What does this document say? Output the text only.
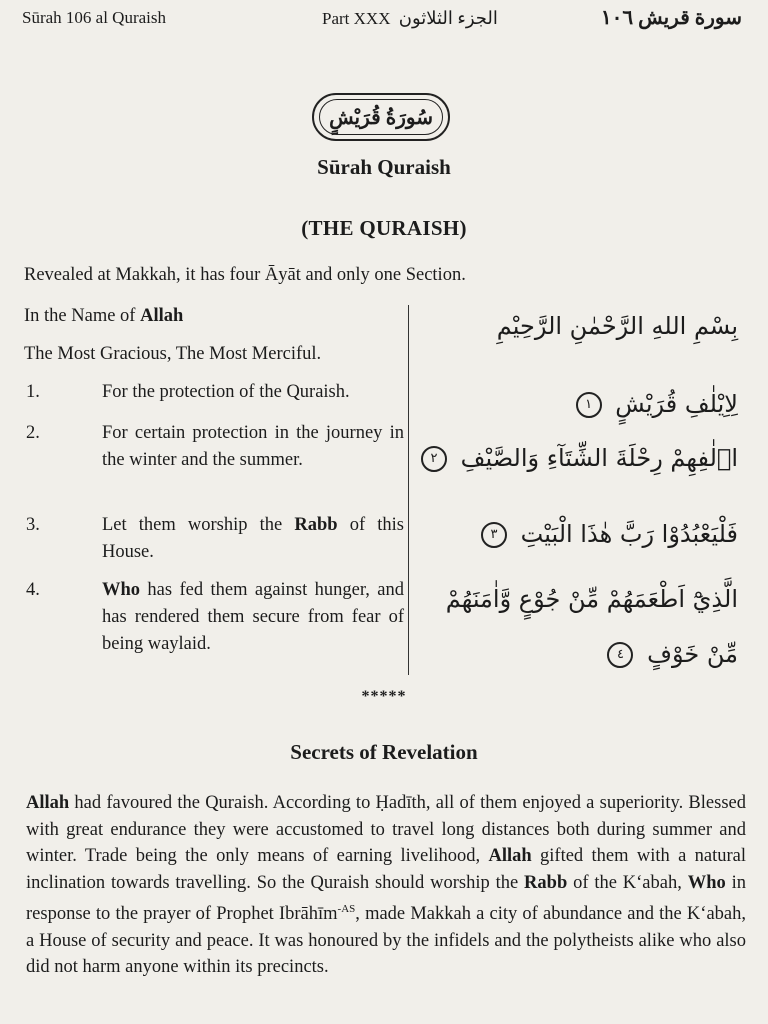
Sūrah 106 al Quraish	Part XXX الجزء الثلاثون	سورة قريش ١٠٦
سُورَةُ قُرَيْشٍ
Sūrah Quraish
(THE QURAISH)
Revealed at Makkah, it has four Āyāt and only one Section.
In the Name of Allah
The Most Gracious, The Most Merciful.
1.	For the protection of the Quraish.
2.	For certain protection in the journey in the winter and the summer.
3.	Let them worship the Rabb of this House.
4.	Who has fed them against hunger, and has rendered them secure from fear of being waylaid.
بِسْمِ اللهِ الرَّحْمٰنِ الرَّحِيْمِ
لِاِيْلٰفِ قُرَيْشٍ ١
اٖلٰفِهِمْ رِحْلَةَ الشِّتَآءِ وَالصَّيْفِ ٢
فَلْيَعْبُدُوْا رَبَّ هٰذَا الْبَيْتِ ٣
الَّذِيْٓ اَطْعَمَهُمْ مِّنْ جُوْعٍ وَّاٰمَنَهُمْ
مِّنْ خَوْفٍ ٤
*****
Secrets of Revelation
Allah had favoured the Quraish. According to Ḥadīth, all of them enjoyed a superiority. Blessed with great endurance they were accustomed to travel long distances both during summer and winter. Trade being the only means of earning livelihood, Allah gifted them with a natural inclination towards travelling. So the Quraish should worship the Rabb of the K‘abah, Who in response to the prayer of Prophet Ibrāhīm$^{-AS}$, made Makkah a city of abundance and the K‘abah, a House of security and peace. It was honoured by the infidels and the polytheists alike who also did not harm anyone within its precincts.
